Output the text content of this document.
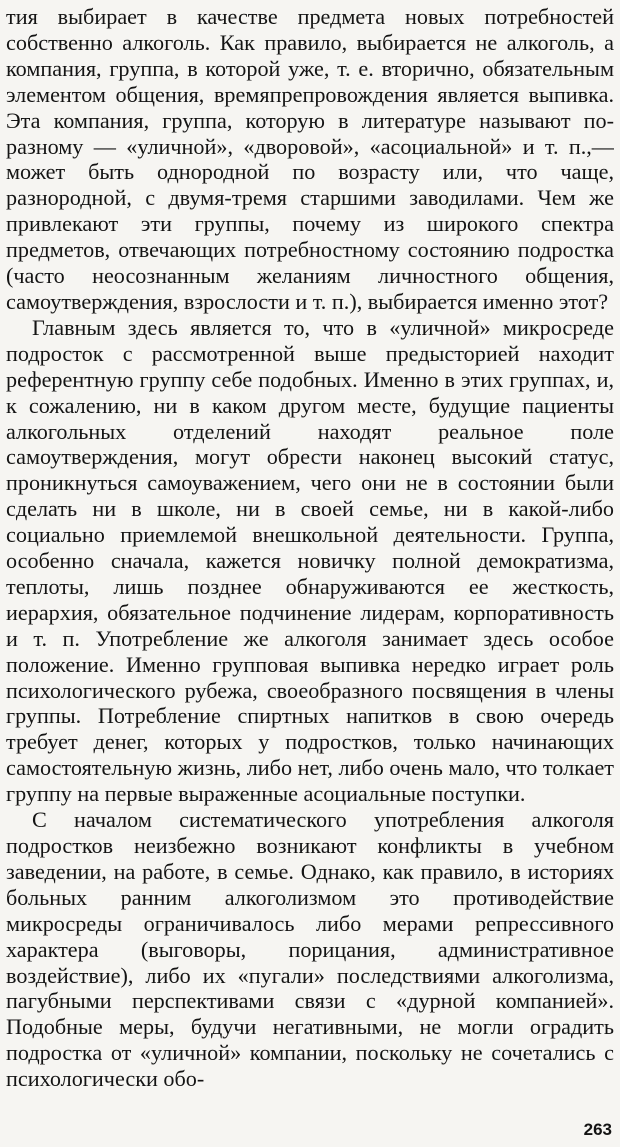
тия выбирает в качестве предмета новых потребностей собственно алкоголь. Как правило, выбирается не алкоголь, а компания, группа, в которой уже, т. е. вторично, обязательным элементом общения, времяпрепровождения является выпивка. Эта компания, группа, которую в литературе называют по-разному — «уличной», «дворовой», «асоциальной» и т. п.,— может быть однородной по возрасту или, что чаще, разнородной, с двумя-тремя старшими заводилами. Чем же привлекают эти группы, почему из широкого спектра предметов, отвечающих потребностному состоянию подростка (часто неосознанным желаниям личностного общения, самоутверждения, взрослости и т. п.), выбирается именно этот?

Главным здесь является то, что в «уличной» микросреде подросток с рассмотренной выше предысторией находит референтную группу себе подобных. Именно в этих группах, и, к сожалению, ни в каком другом месте, будущие пациенты алкогольных отделений находят реальное поле самоутверждения, могут обрести наконец высокий статус, проникнуться самоуважением, чего они не в состоянии были сделать ни в школе, ни в своей семье, ни в какой-либо социально приемлемой внешкольной деятельности. Группа, особенно сначала, кажется новичку полной демократизма, теплоты, лишь позднее обнаруживаются ее жесткость, иерархия, обязательное подчинение лидерам, корпоративность и т. п. Употребление же алкоголя занимает здесь особое положение. Именно групповая выпивка нередко играет роль психологического рубежа, своеобразного посвящения в члены группы. Потребление спиртных напитков в свою очередь требует денег, которых у подростков, только начинающих самостоятельную жизнь, либо нет, либо очень мало, что толкает группу на первые выраженные асоциальные поступки.

С началом систематического употребления алкоголя подростков неизбежно возникают конфликты в учебном заведении, на работе, в семье. Однако, как правило, в историях больных ранним алкоголизмом это противодействие микросреды ограничивалось либо мерами репрессивного характера (выговоры, порицания, административное воздействие), либо их «пугали» последствиями алкоголизма, пагубными перспективами связи с «дурной компанией». Подобные меры, будучи негативными, не могли оградить подростка от «уличной» компании, поскольку не сочетались с психологически обо-

263
